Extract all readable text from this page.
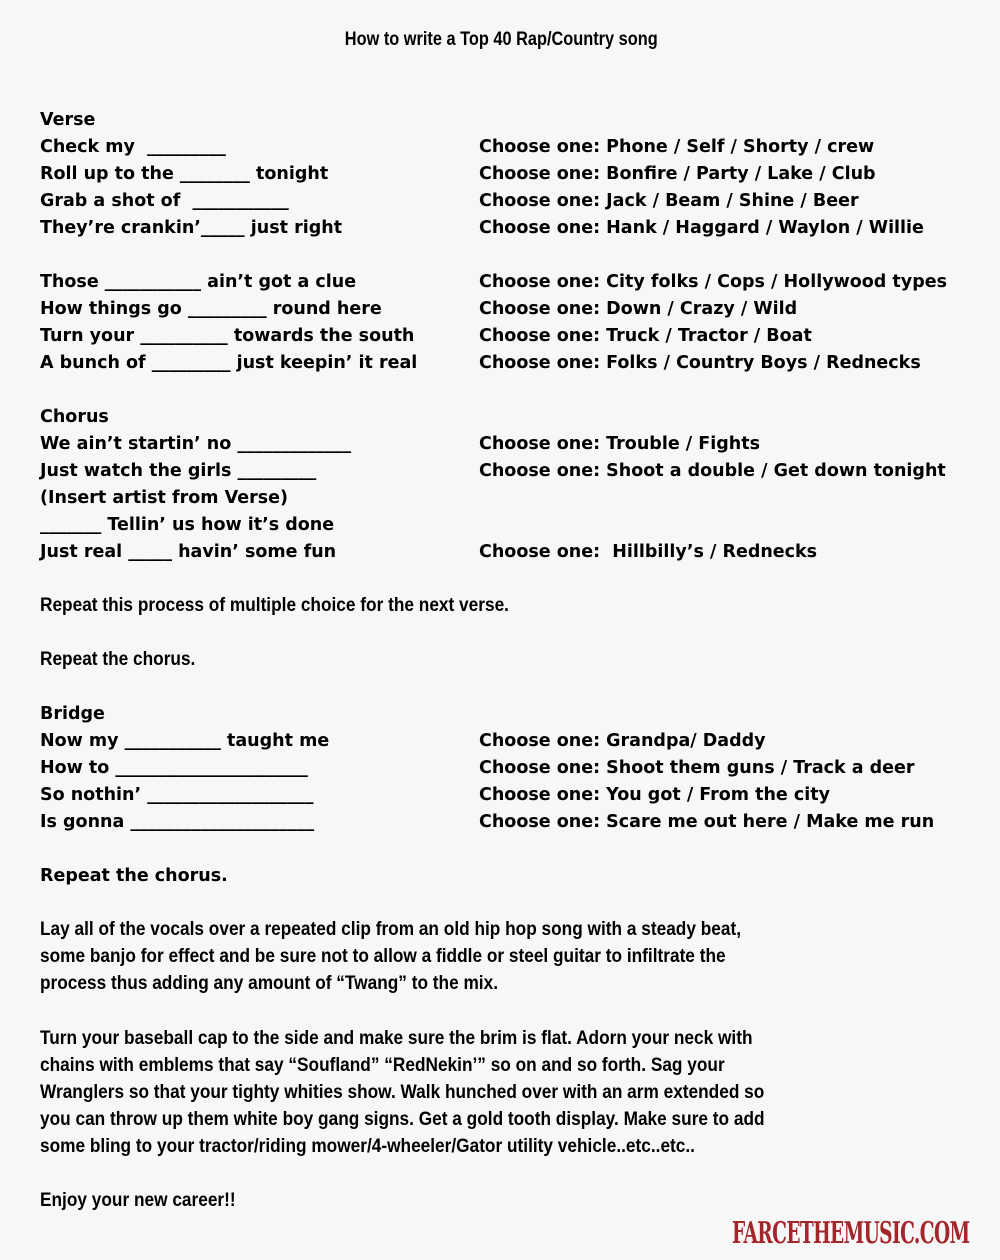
How to write a Top 40 Rap/Country song
Verse
Check my  _________	Choose one: Phone / Self / Shorty / crew
Roll up to the ________ tonight	Choose one: Bonfire / Party / Lake / Club
Grab a shot of  ___________	Choose one: Jack / Beam / Shine / Beer
They’re crankin’_____ just right	Choose one: Hank / Haggard / Waylon / Willie
Those ___________ ain’t got a clue	Choose one: City folks / Cops / Hollywood types
How things go _________ round here	Choose one: Down / Crazy / Wild
Turn your __________ towards the south	Choose one: Truck / Tractor / Boat
A bunch of _________ just keepin’ it real	Choose one: Folks / Country Boys / Rednecks
Chorus
We ain’t startin’ no _____________	Choose one: Trouble / Fights
Just watch the girls _________	Choose one: Shoot a double / Get down tonight
(Insert artist from Verse)
_______ Tellin’ us how it’s done
Just real _____ havin’ some fun	Choose one:  Hillbilly’s / Rednecks
Repeat this process of multiple choice for the next verse.
Repeat the chorus.
Bridge
Now my ___________ taught me	Choose one: Grandpa/ Daddy
How to ______________________	Choose one: Shoot them guns / Track a deer
So nothin’ ___________________	Choose one: You got / From the city
Is gonna _____________________	Choose one: Scare me out here / Make me run
Repeat the chorus.
Lay all of the vocals over a repeated clip from an old hip hop song with a steady beat,
some banjo for effect and be sure not to allow a fiddle or steel guitar to infiltrate the
process thus adding any amount of “Twang” to the mix.
Turn your baseball cap to the side and make sure the brim is flat. Adorn your neck with
chains with emblems that say “Soufland” “RedNekin’” so on and so forth. Sag your
Wranglers so that your tighty whities show. Walk hunched over with an arm extended so
you can throw up them white boy gang signs. Get a gold tooth display. Make sure to add
some bling to your tractor/riding mower/4-wheeler/Gator utility vehicle..etc..etc..
Enjoy your new career!!
FARCETHEMUSIC.COM
